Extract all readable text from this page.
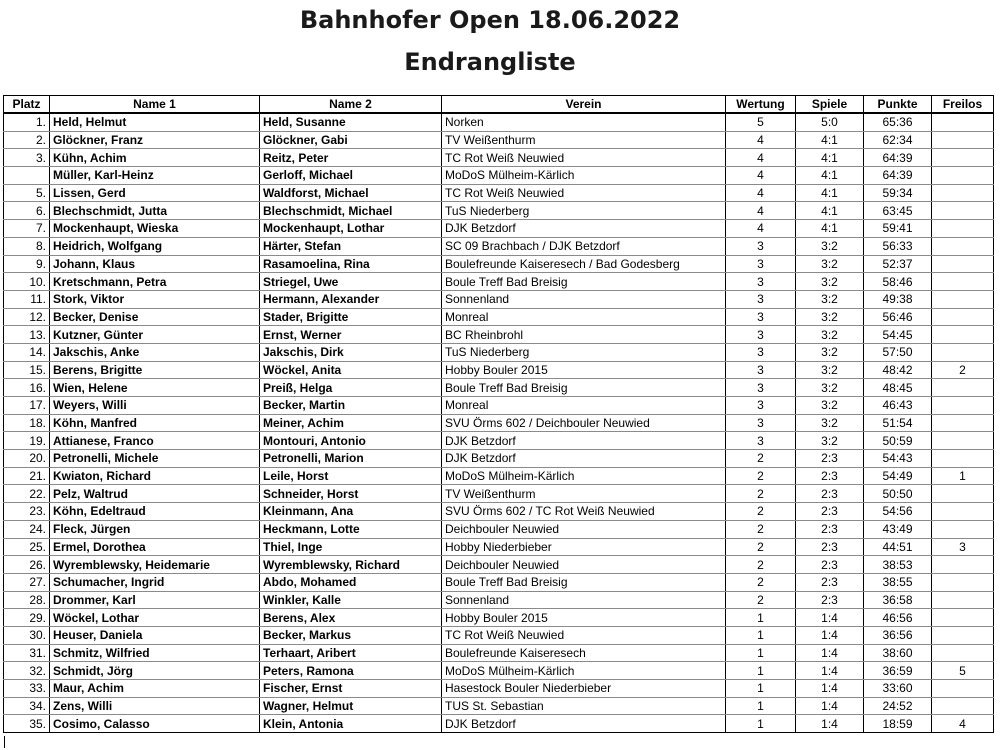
Bahnhofer Open 18.06.2022
Endrangliste
Platz	Name 1	Name 2	Verein	Wertung	Spiele	Punkte	Freilos
1.	Held, Helmut	Held, Susanne	Norken	5	5:0	65:36	
2.	Glöckner, Franz	Glöckner, Gabi	TV Weißenthurm	4	4:1	62:34	
3.	Kühn, Achim	Reitz, Peter	TC Rot Weiß Neuwied	4	4:1	64:39	
	Müller, Karl-Heinz	Gerloff, Michael	MoDoS Mülheim-Kärlich	4	4:1	64:39	
5.	Lissen, Gerd	Waldforst, Michael	TC Rot Weiß Neuwied	4	4:1	59:34	
6.	Blechschmidt, Jutta	Blechschmidt, Michael	TuS Niederberg	4	4:1	63:45	
7.	Mockenhaupt, Wieska	Mockenhaupt, Lothar	DJK Betzdorf	4	4:1	59:41	
8.	Heidrich, Wolfgang	Härter, Stefan	SC 09 Brachbach / DJK Betzdorf	3	3:2	56:33	
9.	Johann, Klaus	Rasamoelina, Rina	Boulefreunde Kaiseresech / Bad Godesberg	3	3:2	52:37	
10.	Kretschmann, Petra	Striegel, Uwe	Boule Treff Bad Breisig	3	3:2	58:46	
11.	Stork, Viktor	Hermann, Alexander	Sonnenland	3	3:2	49:38	
12.	Becker, Denise	Stader, Brigitte	Monreal	3	3:2	56:46	
13.	Kutzner, Günter	Ernst, Werner	BC Rheinbrohl	3	3:2	54:45	
14.	Jakschis, Anke	Jakschis, Dirk	TuS Niederberg	3	3:2	57:50	
15.	Berens, Brigitte	Wöckel, Anita	Hobby Bouler 2015	3	3:2	48:42	2
16.	Wien, Helene	Preiß, Helga	Boule Treff Bad Breisig	3	3:2	48:45	
17.	Weyers, Willi	Becker, Martin	Monreal	3	3:2	46:43	
18.	Köhn, Manfred	Meiner, Achim	SVU Örms 602 / Deichbouler Neuwied	3	3:2	51:54	
19.	Attianese, Franco	Montouri, Antonio	DJK Betzdorf	3	3:2	50:59	
20.	Petronelli, Michele	Petronelli, Marion	DJK Betzdorf	2	2:3	54:43	
21.	Kwiaton, Richard	Leile, Horst	MoDoS Mülheim-Kärlich	2	2:3	54:49	1
22.	Pelz, Waltrud	Schneider, Horst	TV Weißenthurm	2	2:3	50:50	
23.	Köhn, Edeltraud	Kleinmann, Ana	SVU Örms 602 / TC Rot Weiß Neuwied	2	2:3	54:56	
24.	Fleck, Jürgen	Heckmann, Lotte	Deichbouler Neuwied	2	2:3	43:49	
25.	Ermel, Dorothea	Thiel, Inge	Hobby Niederbieber	2	2:3	44:51	3
26.	Wyremblewsky, Heidemarie	Wyremblewsky, Richard	Deichbouler Neuwied	2	2:3	38:53	
27.	Schumacher, Ingrid	Abdo, Mohamed	Boule Treff Bad Breisig	2	2:3	38:55	
28.	Drommer, Karl	Winkler, Kalle	Sonnenland	2	2:3	36:58	
29.	Wöckel, Lothar	Berens, Alex	Hobby Bouler 2015	1	1:4	46:56	
30.	Heuser, Daniela	Becker, Markus	TC Rot Weiß Neuwied	1	1:4	36:56	
31.	Schmitz, Wilfried	Terhaart, Aribert	Boulefreunde Kaiseresech	1	1:4	38:60	
32.	Schmidt, Jörg	Peters, Ramona	MoDoS Mülheim-Kärlich	1	1:4	36:59	5
33.	Maur, Achim	Fischer, Ernst	Hasestock Bouler Niederbieber	1	1:4	33:60	
34.	Zens, Willi	Wagner, Helmut	TUS St. Sebastian	1	1:4	24:52	
35.	Cosimo, Calasso	Klein, Antonia	DJK Betzdorf	1	1:4	18:59	4
